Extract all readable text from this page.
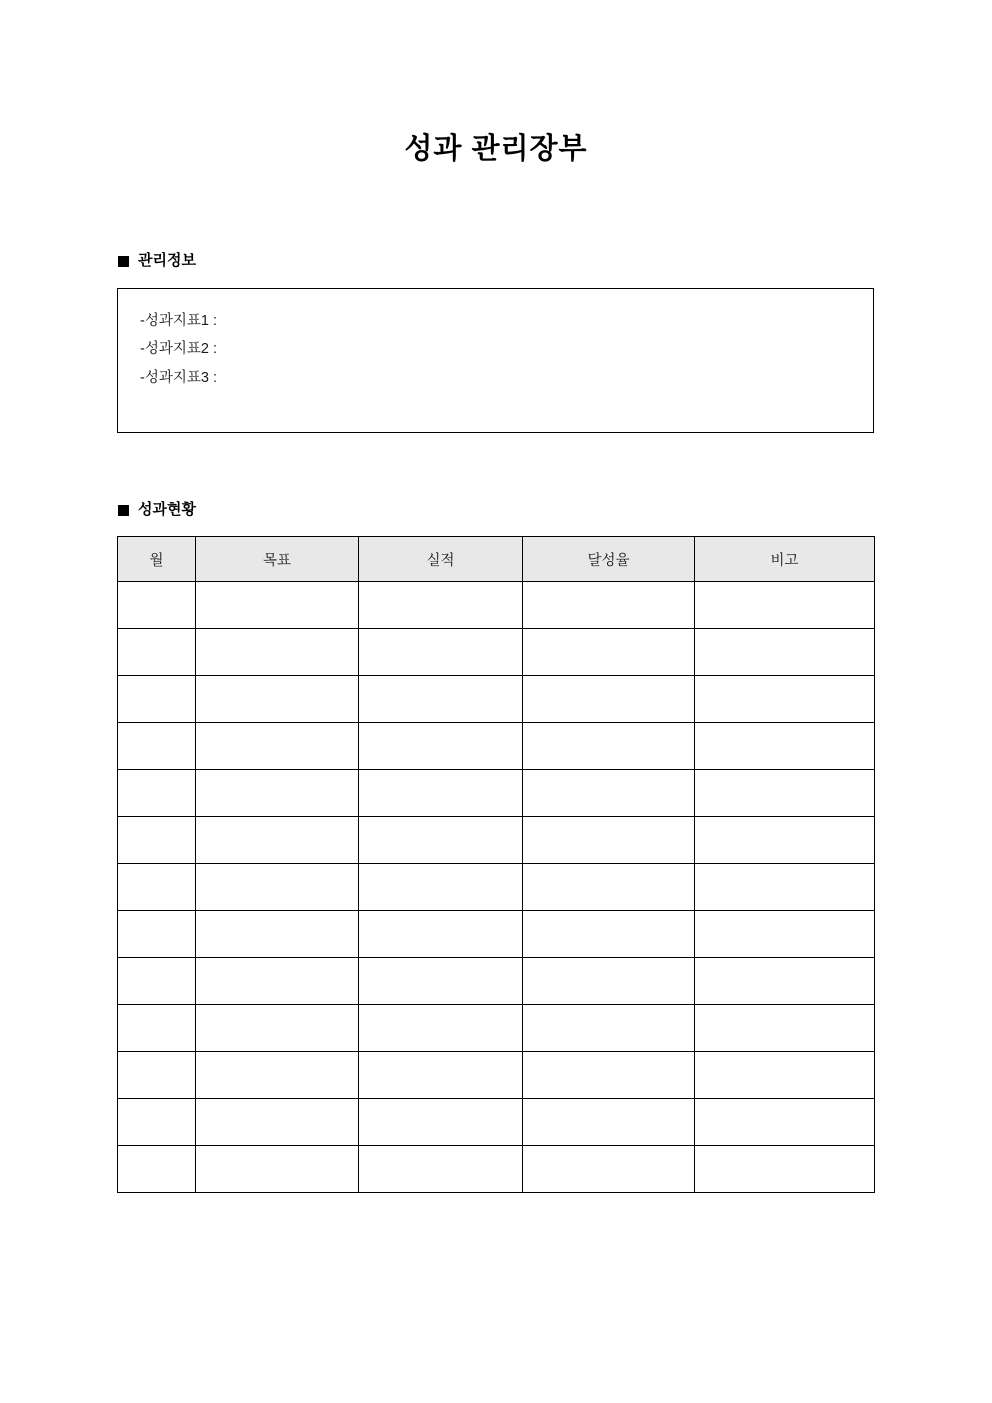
성과 관리장부
관리정보
-성과지표1 :
-성과지표2 :
-성과지표3 :
성과현황
월	목표	실적	달성율	비고
